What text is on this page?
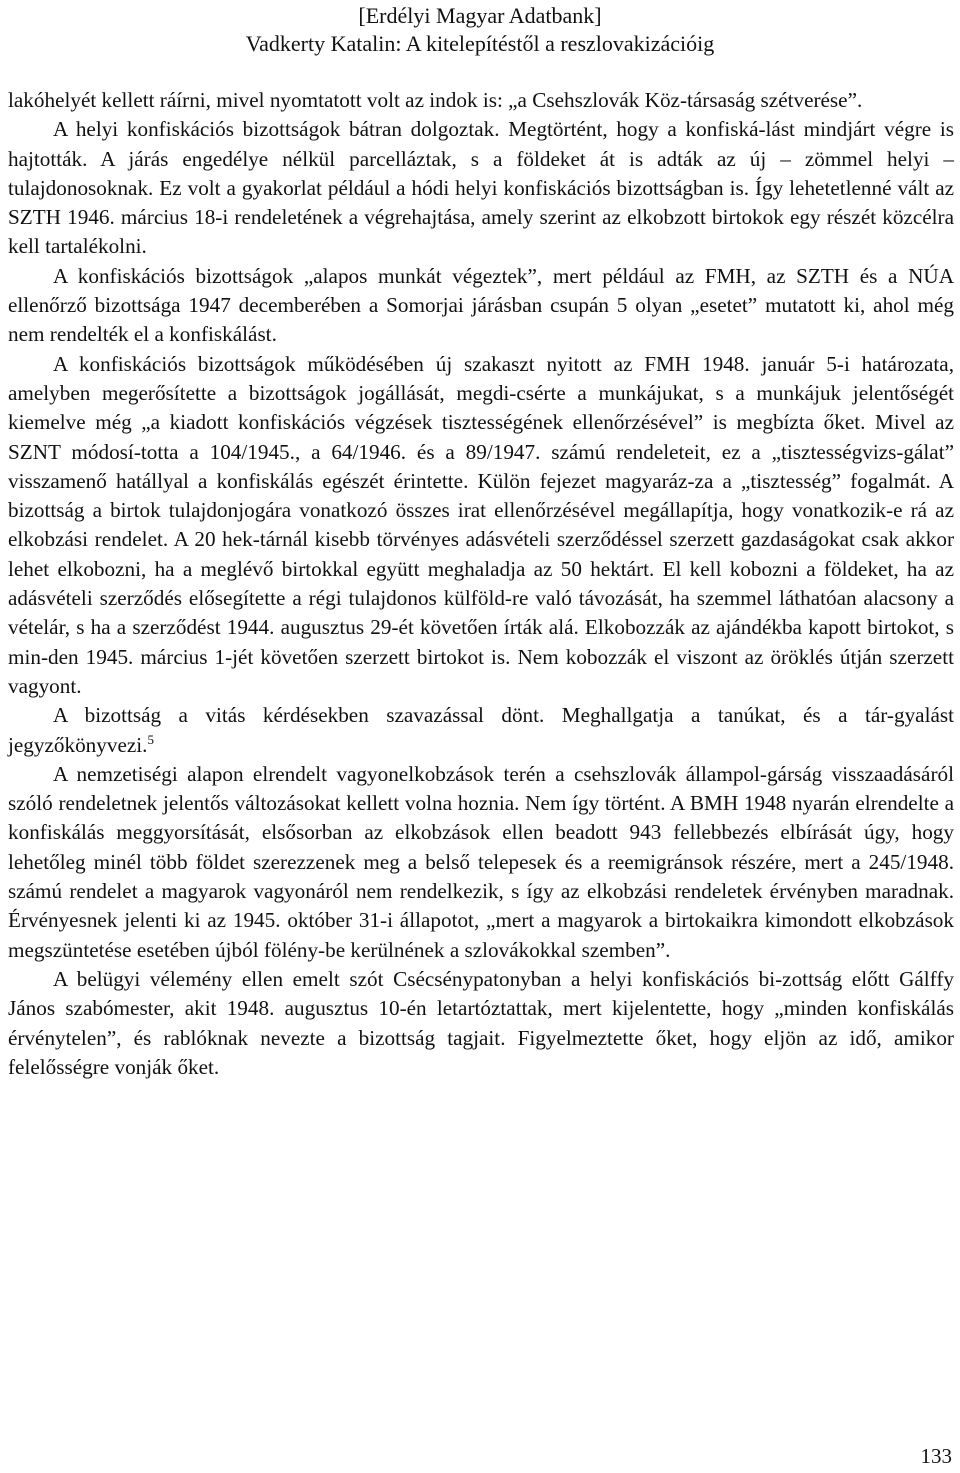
[Erdélyi Magyar Adatbank]
Vadkerty Katalin: A kitelepítéstől a reszlovakizációig

lakóhelyét kellett ráírni, mivel nyomtatott volt az indok is: „a Csehszlovák Köz-társaság szétverése”.

A helyi konfiskációs bizottságok bátran dolgoztak. Megtörtént, hogy a konfiská-lást mindjárt végre is hajtották. A járás engedélye nélkül parcelláztak, s a földeket át is adták az új – zömmel helyi – tulajdonosoknak. Ez volt a gyakorlat például a hódi helyi konfiskációs bizottságban is. Így lehetetlenné vált az SZTH 1946. március 18-i rendeletének a végrehajtása, amely szerint az elkobzott birtokok egy részét közcélra kell tartalékolni.

A konfiskációs bizottságok „alapos munkát végeztek”, mert például az FMH, az SZTH és a NÚA ellenőrző bizottsága 1947 decemberében a Somorjai járásban csupán 5 olyan „esetet” mutatott ki, ahol még nem rendelték el a konfiskálást.

A konfiskációs bizottságok működésében új szakaszt nyitott az FMH 1948. január 5-i határozata, amelyben megerősítette a bizottságok jogállását, megdi-csérte a munkájukat, s a munkájuk jelentőségét kiemelve még „a kiadott konfiskációs végzések tisztességének ellenőrzésével” is megbízta őket. Mivel az SZNT módosí-totta a 104/1945., a 64/1946. és a 89/1947. számú rendeleteit, ez a „tisztességvizs-gálat” visszamenő hatállyal a konfiskálás egészét érintette. Külön fejezet magyaráz-za a „tisztesség” fogalmát. A bizottság a birtok tulajdonjogára vonatkozó összes irat ellenőrzésével megállapítja, hogy vonatkozik-e rá az elkobzási rendelet. A 20 hek-tárnál kisebb törvényes adásvételi szerződéssel szerzett gazdaságokat csak akkor lehet elkobozni, ha a meglévő birtokkal együtt meghaladja az 50 hektárt. El kell kobozni a földeket, ha az adásvételi szerződés elősegítette a régi tulajdonos külföld-re való távozását, ha szemmel láthatóan alacsony a vételár, s ha a szerződést 1944. augusztus 29-ét követően írták alá. Elkobozzák az ajándékba kapott birtokot, s min-den 1945. március 1-jét követően szerzett birtokot is. Nem kobozzák el viszont az öröklés útján szerzett vagyont.

A bizottság a vitás kérdésekben szavazással dönt. Meghallgatja a tanúkat, és a tár-gyalást jegyzőkönyvezi.$^5$

A nemzetiségi alapon elrendelt vagyonelkobzások terén a csehszlovák állampol-gárság visszaadásáról szóló rendeletnek jelentős változásokat kellett volna hoznia. Nem így történt. A BMH 1948 nyarán elrendelte a konfiskálás meggyorsítását, elsősorban az elkobzások ellen beadott 943 fellebbezés elbírását úgy, hogy lehetőleg minél több földet szerezzenek meg a belső telepesek és a reemigránsok részére, mert a 245/1948. számú rendelet a magyarok vagyonáról nem rendelkezik, s így az elkobzási rendeletek érvényben maradnak. Érvényesnek jelenti ki az 1945. október 31-i állapotot, „mert a magyarok a birtokaikra kimondott elkobzások megszüntetése esetében újból fölény-be kerülnének a szlovákokkal szemben”.

A belügyi vélemény ellen emelt szót Csécsénypatonyban a helyi konfiskációs bi-zottság előtt Gálffy János szabómester, akit 1948. augusztus 10-én letartóztattak, mert kijelentette, hogy „minden konfiskálás érvénytelen”, és rablóknak nevezte a bizottság tagjait. Figyelmeztette őket, hogy eljön az idő, amikor felelősségre vonják őket.

133
